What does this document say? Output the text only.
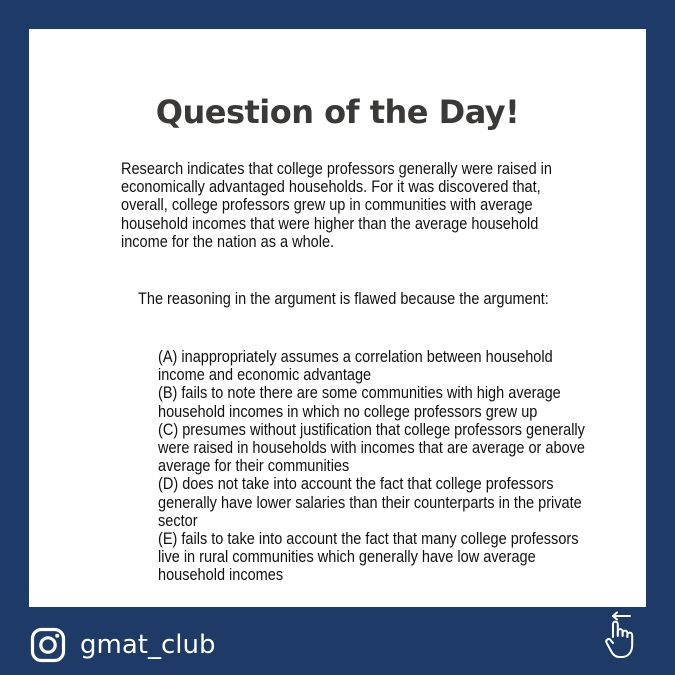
Question of the Day!
Research indicates that college professors generally were raised in
economically advantaged households. For it was discovered that,
overall, college professors grew up in communities with average
household incomes that were higher than the average household
income for the nation as a whole.
The reasoning in the argument is flawed because the argument:
(A) inappropriately assumes a correlation between household
income and economic advantage
(B) fails to note there are some communities with high average
household incomes in which no college professors grew up
(C) presumes without justification that college professors generally
were raised in households with incomes that are average or above
average for their communities
(D) does not take into account the fact that college professors
generally have lower salaries than their counterparts in the private
sector
(E) fails to take into account the fact that many college professors
live in rural communities which generally have low average
household incomes
gmat_club
